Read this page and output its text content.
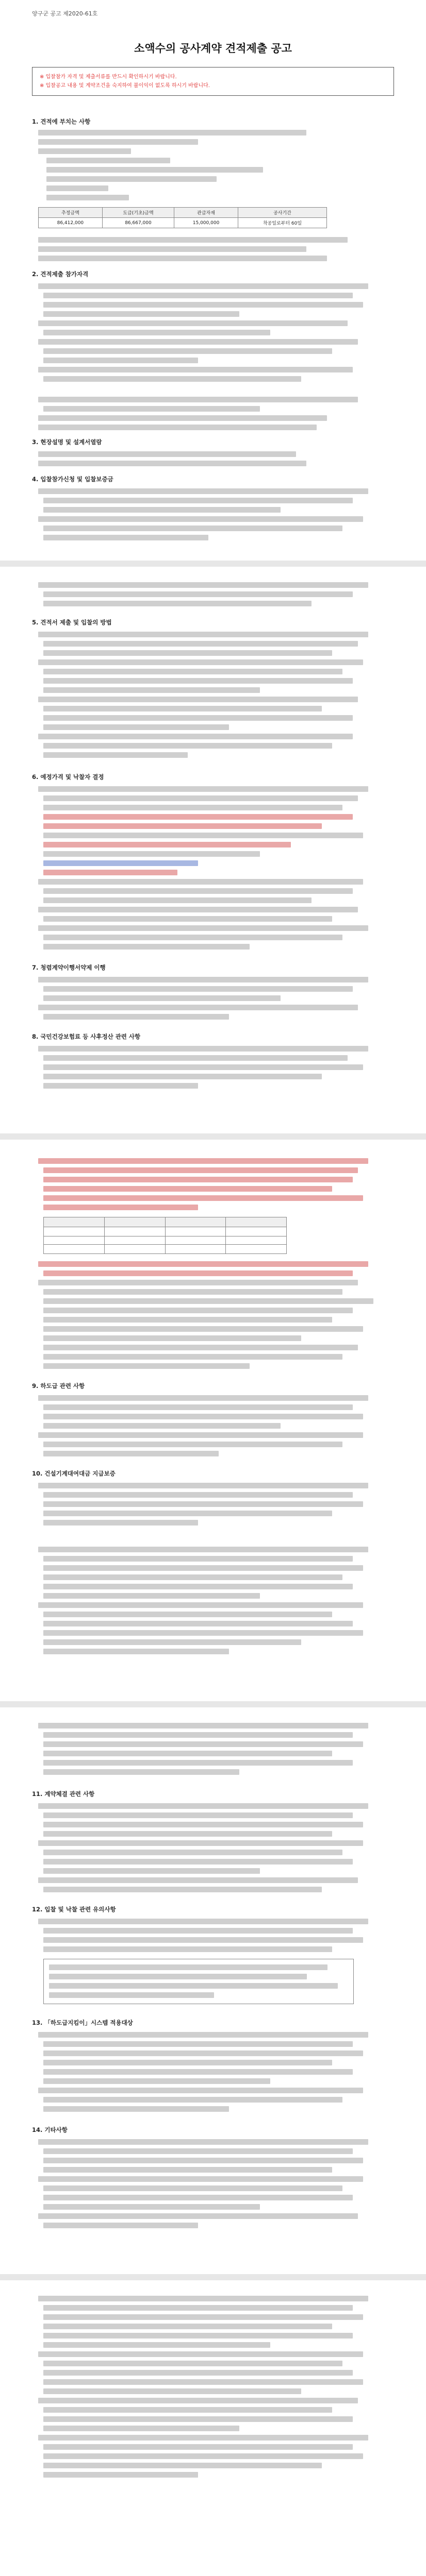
양구군 공고 제2020-61호
소액수의 공사계약 견적제출 공고

※ 입찰참가 자격 및 제출서류를 반드시 확인하시기 바랍니다.

※ 입찰공고 내용 및 계약조건을 숙지하여 불이익이 없도록 하시기 바랍니다.

1. 견적에 부치는 사항

추정금액	도급(기초)금액	관급자재	공사기간
86,412,000	86,667,000	15,000,000	착공일로부터 60일

2. 견적제출 참가자격

3. 현장설명 및 설계서열람

4. 입찰참가신청 및 입찰보증금

5. 견적서 제출 및 입찰의 방법

6. 예정가격 및 낙찰자 결정

7. 청렴계약이행서약제 이행

8. 국민건강보험료 등 사후정산 관련 사항

9. 하도급 관련 사항

10. 건설기계대여대금 지급보증

11. 계약체결 관련 사항

12. 입찰 및 낙찰 관련 유의사항

13. 「하도급지킴이」시스템 적용대상

14. 기타사항
